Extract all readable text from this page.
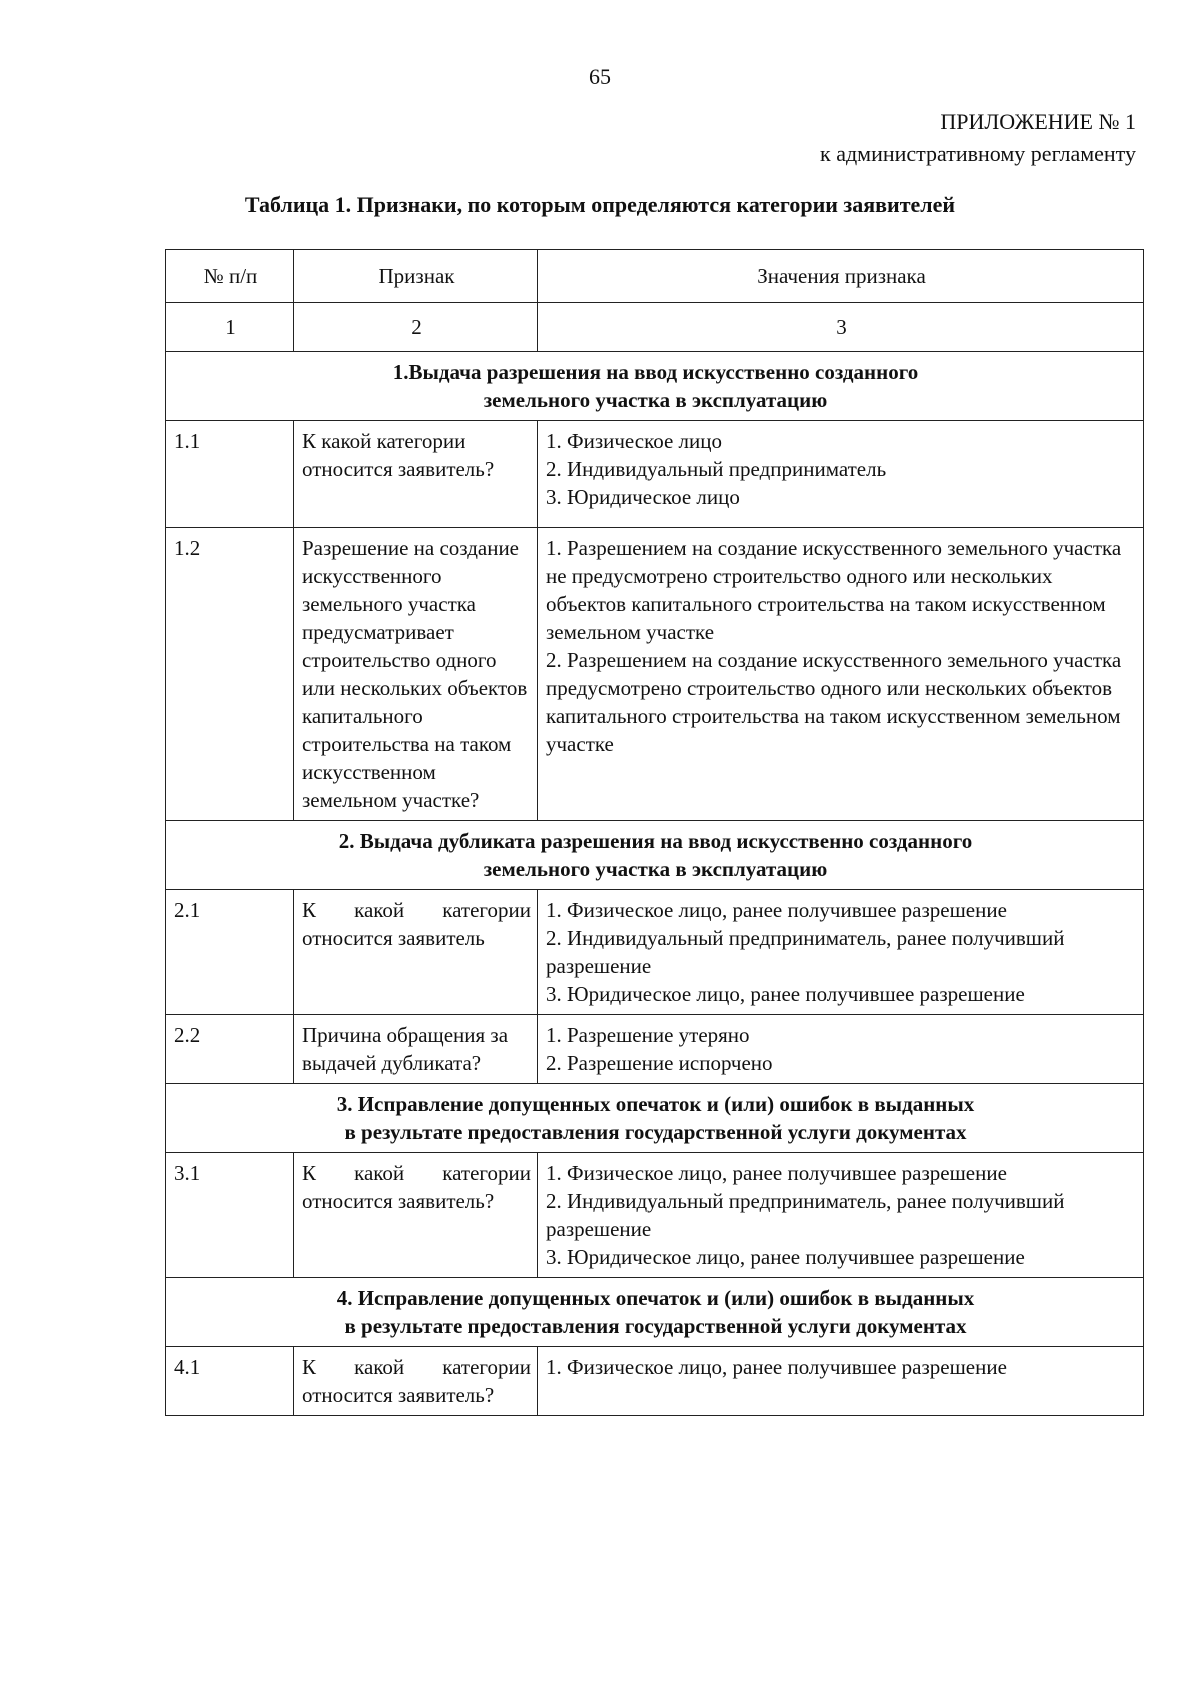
65
ПРИЛОЖЕНИЕ № 1
к административному регламенту
Таблица 1. Признаки, по которым определяются категории заявителей
№ п/п	Признак	Значения признака
1	2	3

1.Выдача разрешения на ввод искусственно созданного
земельного участка в эксплуатацию		

1.1	К какой категории относится заявитель?	1. Физическое лицо
2. Индивидуальный предприниматель
3. Юридическое лицо

1.2	Разрешение на создание искусственного земельного участка предусматривает строительство одного или нескольких объектов капитального строительства на таком искусственном земельном участке?	1. Разрешением на создание искусственного земельного участка не предусмотрено строительство одного или нескольких объектов капитального строительства на таком искусственном земельном участке
2. Разрешением на создание искусственного земельного участка предусмотрено строительство одного или нескольких объектов капитального строительства на таком искусственном земельном участке

2. Выдача дубликата разрешения на ввод искусственно созданного
земельного участка в эксплуатацию		

2.1	К какой категории относится заявитель	1. Физическое лицо, ранее получившее разрешение
2. Индивидуальный предприниматель, ранее получивший разрешение
3. Юридическое лицо, ранее получившее разрешение

2.2	Причина обращения за выдачей дубликата?	1. Разрешение утеряно
2. Разрешение испорчено

3. Исправление допущенных опечаток и (или) ошибок в выданных
в результате предоставления государственной услуги документах		

3.1	К какой категории относится заявитель?	1. Физическое лицо, ранее получившее разрешение
2. Индивидуальный предприниматель, ранее получивший разрешение
3. Юридическое лицо, ранее получившее разрешение

4. Исправление допущенных опечаток и (или) ошибок в выданных
в результате предоставления государственной услуги документах		

4.1	К какой категории относится заявитель?	1. Физическое лицо, ранее получившее разрешение
